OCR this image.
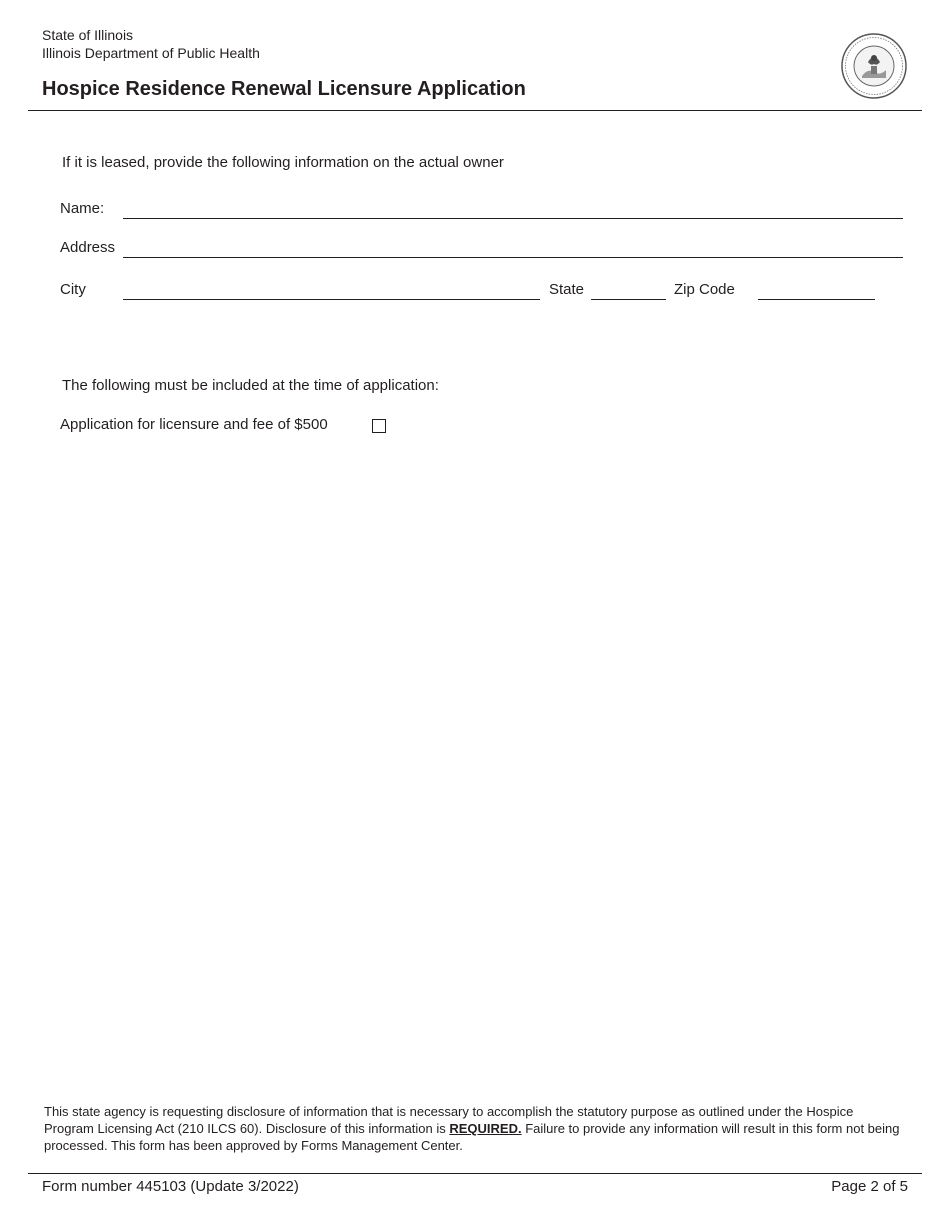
State of Illinois
Illinois Department of Public Health
Hospice Residence Renewal Licensure Application
If it is leased, provide the following information on the actual owner
Name:
Address
City	State	Zip Code
The following must be included at the time of application:
Application for licensure and fee of $500
This state agency is requesting disclosure of information that is necessary to accomplish the statutory purpose as outlined under the Hospice Program Licensing Act (210 ILCS 60). Disclosure of this information is REQUIRED. Failure to provide any information will result in this form not being processed. This form has been approved by Forms Management Center.
Form number 445103 (Update 3/2022)	Page 2 of 5
